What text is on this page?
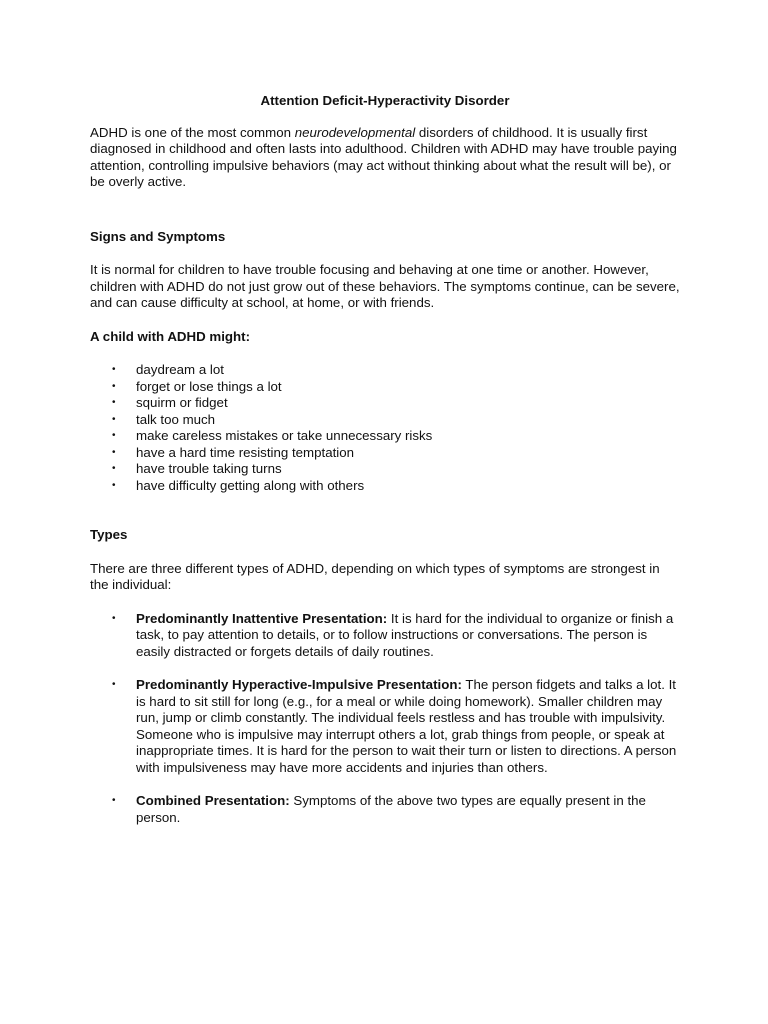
Attention Deficit-Hyperactivity Disorder

ADHD is one of the most common neurodevelopmental disorders of childhood. It is usually first diagnosed in childhood and often lasts into adulthood. Children with ADHD may have trouble paying attention, controlling impulsive behaviors (may act without thinking about what the result will be), or be overly active.

Signs and Symptoms

It is normal for children to have trouble focusing and behaving at one time or another. However, children with ADHD do not just grow out of these behaviors. The symptoms continue, can be severe, and can cause difficulty at school, at home, or with friends.

A child with ADHD might:

• daydream a lot
• forget or lose things a lot
• squirm or fidget
• talk too much
• make careless mistakes or take unnecessary risks
• have a hard time resisting temptation
• have trouble taking turns
• have difficulty getting along with others

Types

There are three different types of ADHD, depending on which types of symptoms are strongest in the individual:

• Predominantly Inattentive Presentation: It is hard for the individual to organize or finish a task, to pay attention to details, or to follow instructions or conversations. The person is easily distracted or forgets details of daily routines.
• Predominantly Hyperactive-Impulsive Presentation: The person fidgets and talks a lot. It is hard to sit still for long (e.g., for a meal or while doing homework). Smaller children may run, jump or climb constantly. The individual feels restless and has trouble with impulsivity. Someone who is impulsive may interrupt others a lot, grab things from people, or speak at inappropriate times. It is hard for the person to wait their turn or listen to directions. A person with impulsiveness may have more accidents and injuries than others.
• Combined Presentation: Symptoms of the above two types are equally present in the person.
